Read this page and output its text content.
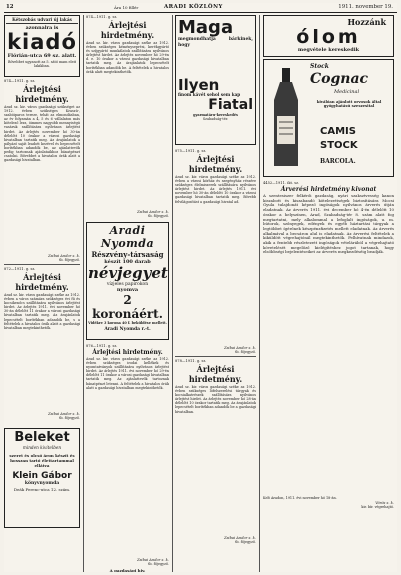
12	Ára 10 fillér	ARADI KÖZLÖNY	1911. november 19.
Kétszobás udvari új lakás
azonnalra is
kiadó
Flórián-utca 69 sz. alatt.
Bővebbet ugyanott az 5. sátó mam eleit lakikban.
874—1911. g. sz.
Árlejtési hirdetmény.
Arad sz. kir. város gazdasági szükséget az 1912. évben szükséges Kraszü-, szabóiparos tereze, tehát az elmondásban, az év folyamán a 4, 5 és 6 vállalaton más kötelező lezz, óimmes nagyobb mennyiségü vasáruk szállítására nyilvános árlejtést hirdet. Az árlejtés november hó 30-án délelőtt 10 órakor a városi gazdasági hivatalban tartatik meg. Az árajánlatok a pályázó saját leadott kezével és bepecsételt borítékban adandók be, az ajánlattevők pedig tartoznak ajánlataikhoz bánatpénzt csatolni. Bővebbet a hivatalos órák alatt a gazdasági hivatalban.
Zsibai Andor s. k.
tb. főjegyző.
872—1911. g. sz.
Árlejtési hirdetmény.
Arad sz. kir. város gazdasági széke az 1912. évben a város számára szükséges évi fű és kocsikenőcs szállítására nyilvános árlejtést hirdet. Az árlejtés 1911. évi november hó 30-án délelőtt 11 órakor a városi gazdasági hivatalban tartatik meg. Az árajánlatok lepecsételt borítékban adandók be, s a feltételek a hivatalos órák alatt a gazdasági hivatalban megtekinthetők.
Zsibai Andor s. k.
tb. főjegyző.
Beleket
minden kivitelben
szeret és olcsó áron készít és hosszan tartó élettartammal ellátva
Klein Gábor
könyvnyomda
Deák Ferenc-utca 12. szám.
874—1911. g. sz.
Árlejtési hirdetmény.
Arad sz. kir. város gazdasági széke az 1912. évben szükséges kéményseprési, kerékgyártó és szíjgyártó munkálatok szállítására nyilvános árlejtést hirdet. Az árlejtés november hó 29-én d. e. 10 órakor a városi gazdasági hivatalban tartatik meg. Az árajánlatok lepecsételt borítékban adandók be. A feltételek a hivatalos órák alatt megtekinthetők.
Zsibai Andor s. k.
tb. főjegyző.
Aradi Nyomda
Részvény-társaság
készít 100 darab
névjegyet
vízjeles papírokon
nyomva
2 koronáért.
Vidékre 3 korona 40 f. beküldése mellett.
Aradi Nyomda r.-t.
876—1911. g. sz.
Árlejtési hirdetmény.
Arad sz. kir. város gazdasági széke az 1912. évben szükséges irodai kellékek és nyomtatványok szállítására nyilvános árlejtést hirdet. Az árlejtés 1911. évi november hó 29-én délelőtt 11 órakor a városi gazdasági hivatalban tartatik meg. Az ajánlattevők tartoznak bánatpénzt letenni. A feltételek a hivatalos órák alatt a gazdasági hivatalban megtekinthetők.
Zsibai Andor s. k.
tb. főjegyző.
A gazdasági hiv.
Maga
megmondhatja bárkinek, hogy
Ilyen
finom kávét sehol sem kap
Fiatal
gyarmatáru-kereskedés
Szabadság-tér.
875—1911. g. sz.
Árlejtési hirdetmény.
Arad sz. kir. város gazdasági széke az 1912. évben a városi kórház és szegényház részére szükséges élelmiszerek szállítására nyilvános árlejtést hirdet. Az árlejtés 1911. évi november hó 30-án délelőtt 10 órakor a városi gazdasági hivatalban tartatik meg. Bővebb felvilágosítást a gazdasági hivatal ad.
Zsibai Andor s. k.
tb. főjegyző.
878—1911. g. sz.
Árlejtési hirdetmény.
Arad sz. kir. város gazdasági széke az 1912. évben szükséges lófelszerelési tárgyak és kocsialkatrészek szállítására nyilvános árlejtést hirdet. Az árlejtés november hó 28-án délelőtt 10 órakor tartatik meg. Az árajánlatok lepecsételt borítékban adandók be a gazdasági hivatalban.
Zsibai Andor s. k.
tb. főjegyző.
Hozzánk
ólom
megvétele kereskedik
Stock
Cognac
Medicinal
kiválóan ajánlott orvosok által gyógyhatású szeszesital
CAMIS
STOCK
BARCOLA.
4452—1911. ikt. sz.
Árverési hirdetmény kivonat
A szentesiszer felkérői gazdaság, nyári szaksztvesség kanon kiszabott és kiszabandó kötelezettségek biztosítására Mocsi Gyula tulajdonát képező ingóságok nyilvános árverés útján eladatnak. Az árverés 1911. évi december hó 4-én délelőtt 10 órakor a helyszínen, Arad, Szabadság-tér 8. szám alatt fog megtartatni, mely alkalommal a lefoglalt ingóságok, u. m. bútorok, szőnyegek, edények és egyéb háztartási tárgyak a legtöbbet ígérőnek készpénzfizetés mellett eladatnak. Az árverés alkalmával a becsáron alul is eladatnak. Az árverési feltételek a kiküldött végrehajtónál megtekinthetők. Felhívatnak mindazok, akik a fentebb részletezett ingóságok vételárából a végrehajtató követelését megelőző kielégítéshez jogot tartanak, hogy elsőbbségi bejelentéseiket az árverés megkezdéséig beadják.
Kelt Aradon, 1911. évi november hó 18-án.
Vörös s. k.
kir. bír. végrehajtó.
